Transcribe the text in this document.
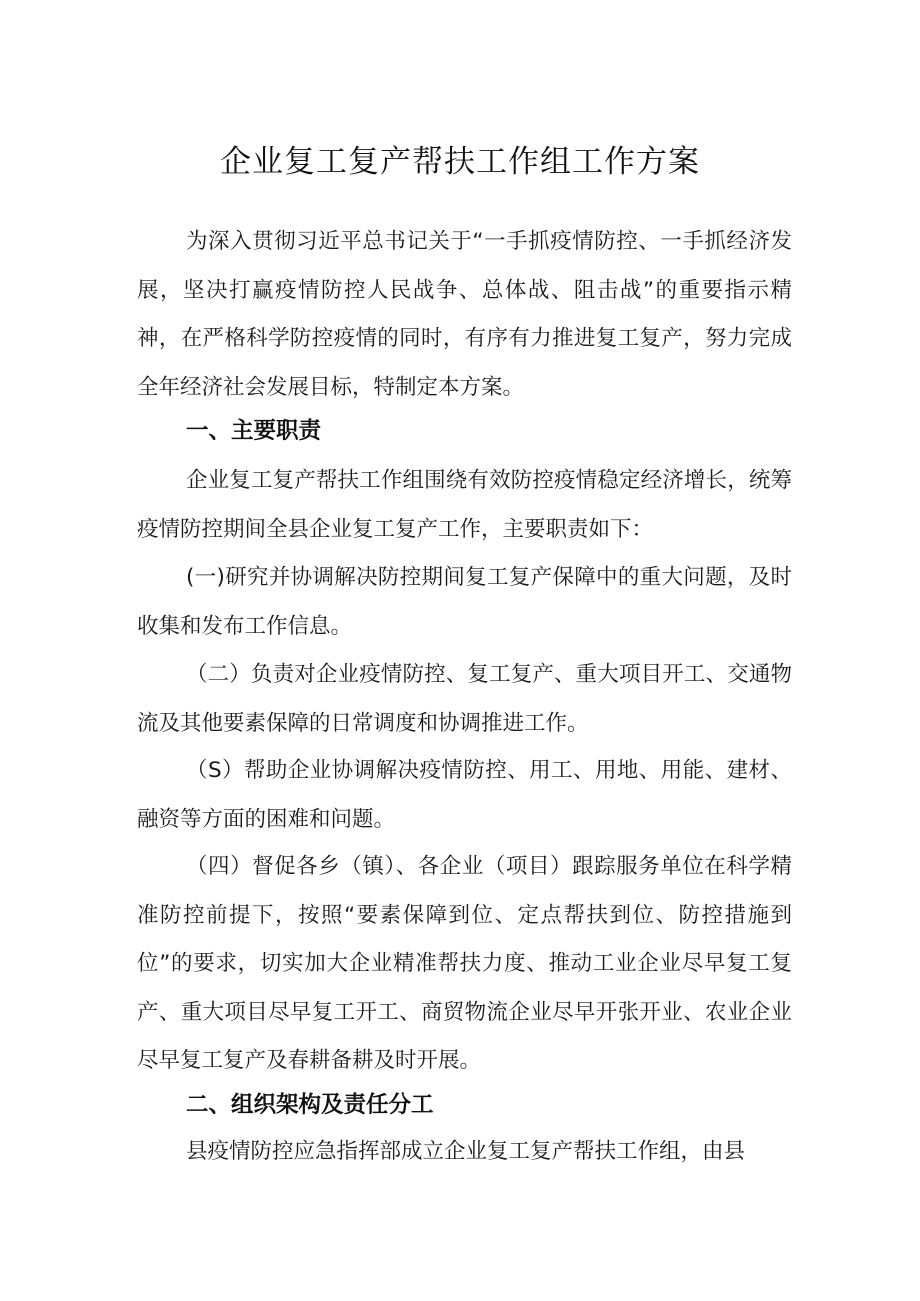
企业复工复产帮扶工作组工作方案

为深入贯彻习近平总书记关于“一手抓疫情防控、一手抓经济发展，坚决打赢疫情防控人民战争、总体战、阻击战”的重要指示精神，在严格科学防控疫情的同时，有序有力推进复工复产，努力完成全年经济社会发展目标，特制定本方案。

一、主要职责

企业复工复产帮扶工作组围绕有效防控疫情稳定经济增长，统筹疫情防控期间全县企业复工复产工作，主要职责如下：

(一)研究并协调解决防控期间复工复产保障中的重大问题，及时收集和发布工作信息。

（二）负责对企业疫情防控、复工复产、重大项目开工、交通物流及其他要素保障的日常调度和协调推进工作。

（S）帮助企业协调解决疫情防控、用工、用地、用能、建材、融资等方面的困难和问题。

（四）督促各乡（镇）、各企业（项目）跟踪服务单位在科学精准防控前提下，按照“要素保障到位、定点帮扶到位、防控措施到位”的要求，切实加大企业精准帮扶力度、推动工业企业尽早复工复产、重大项目尽早复工开工、商贸物流企业尽早开张开业、农业企业尽早复工复产及春耕备耕及时开展。

二、组织架构及责任分工

县疫情防控应急指挥部成立企业复工复产帮扶工作组，由县
